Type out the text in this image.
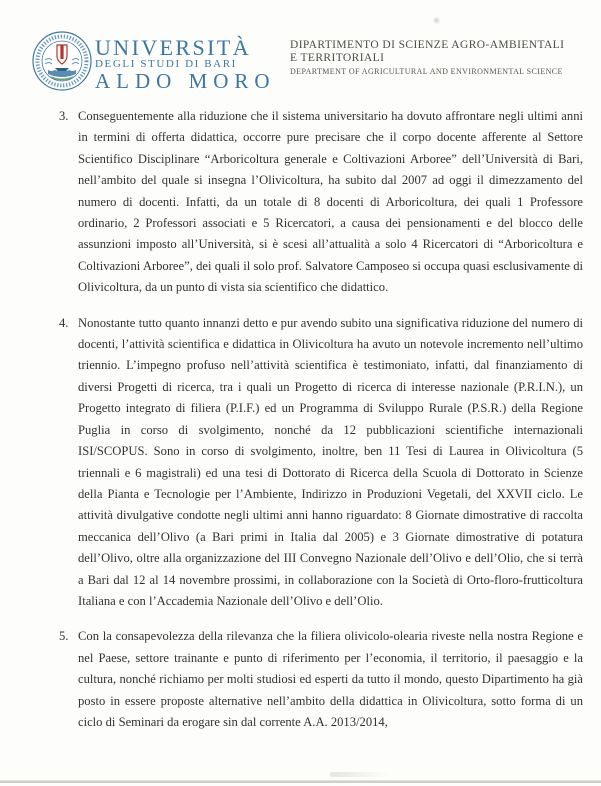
UNIVERSITÀ
DEGLI STUDI DI BARI
ALDO MORO
DIPARTIMENTO DI SCIENZE AGRO-AMBIENTALI
E TERRITORIALI
DEPARTMENT OF AGRICULTURAL AND ENVIRONMENTAL SCIENCE
3. Conseguentemente alla riduzione che il sistema universitario ha dovuto affrontare negli ultimi anni in termini di offerta didattica, occorre pure precisare che il corpo docente afferente al Settore Scientifico Disciplinare “Arboricoltura generale e Coltivazioni Arboree” dell’Università di Bari, nell’ambito del quale si insegna l’Olivicoltura, ha subito dal 2007 ad oggi il dimezzamento del numero di docenti. Infatti, da un totale di 8 docenti di Arboricoltura, dei quali 1 Professore ordinario, 2 Professori associati e 5 Ricercatori, a causa dei pensionamenti e del blocco delle assunzioni imposto all’Università, si è scesi all’attualità a solo 4 Ricercatori di “Arboricoltura e Coltivazioni Arboree”, dei quali il solo prof. Salvatore Camposeo si occupa quasi esclusivamente di Olivicoltura, da un punto di vista sia scientifico che didattico.
4. Nonostante tutto quanto innanzi detto e pur avendo subito una significativa riduzione del numero di docenti, l’attività scientifica e didattica in Olivicoltura ha avuto un notevole incremento nell’ultimo triennio. L’impegno profuso nell’attività scientifica è testimoniato, infatti, dal finanziamento di diversi Progetti di ricerca, tra i quali un Progetto di ricerca di interesse nazionale (P.R.I.N.), un Progetto integrato di filiera (P.I.F.) ed un Programma di Sviluppo Rurale (P.S.R.) della Regione Puglia in corso di svolgimento, nonché da 12 pubblicazioni scientifiche internazionali ISI/SCOPUS. Sono in corso di svolgimento, inoltre, ben 11 Tesi di Laurea in Olivicoltura (5 triennali e 6 magistrali) ed una tesi di Dottorato di Ricerca della Scuola di Dottorato in Scienze della Pianta e Tecnologie per l’Ambiente, Indirizzo in Produzioni Vegetali, del XXVII ciclo. Le attività divulgative condotte negli ultimi anni hanno riguardato: 8 Giornate dimostrative di raccolta meccanica dell’Olivo (a Bari primi in Italia dal 2005) e 3 Giornate dimostrative di potatura dell’Olivo, oltre alla organizzazione del III Convegno Nazionale dell’Olivo e dell’Olio, che si terrà a Bari dal 12 al 14 novembre prossimi, in collaborazione con la Società di Orto-floro-frutticoltura Italiana e con l’Accademia Nazionale dell’Olivo e dell’Olio.
5. Con la consapevolezza della rilevanza che la filiera olivicolo-olearia riveste nella nostra Regione e nel Paese, settore trainante e punto di riferimento per l’economia, il territorio, il paesaggio e la cultura, nonché richiamo per molti studiosi ed esperti da tutto il mondo, questo Dipartimento ha già posto in essere proposte alternative nell’ambito della didattica in Olivicoltura, sotto forma di un ciclo di Seminari da erogare sin dal corrente A.A. 2013/2014,
